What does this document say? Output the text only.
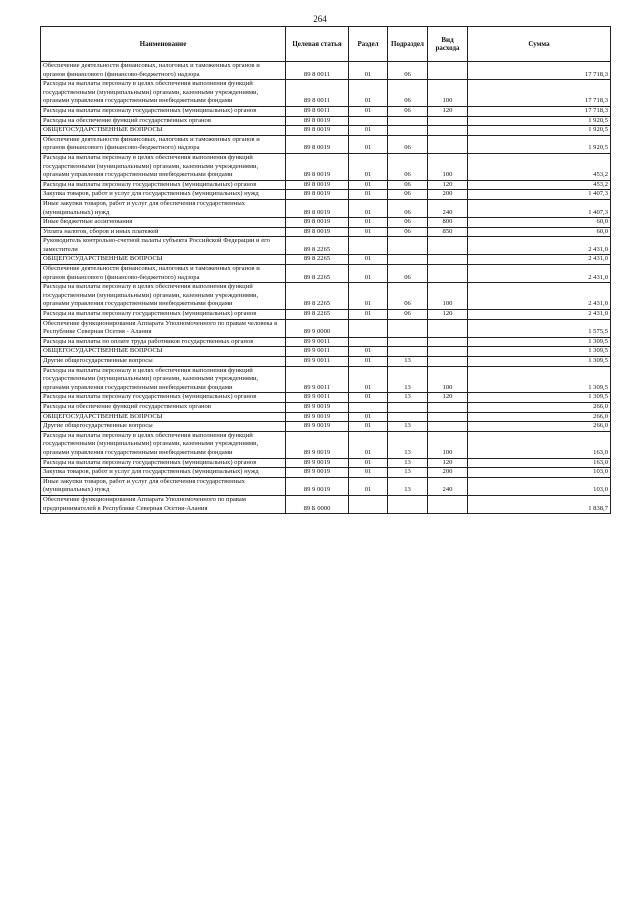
264
Наименование	Целевая статья	Раздел	Подраздел	Вид расхода	Сумма
Обеспечение деятельности финансовых, налоговых и таможенных органов и органов финансового (финансово-бюджетного) надзора	89 8 0011	01	06		17 718,3
Расходы на выплаты персоналу в целях обеспечения выполнения функций государственными (муниципальными) органами, казенными учреждениями, органами управления государственными внебюджетными фондами	89 8 0011	01	06	100	17 718,3
Расходы на выплаты персоналу государственных (муниципальных) органов	89 8 0011	01	06	120	17 718,3
Расходы на обеспечение функций государственных органов	89 8 0019				1 920,5
ОБЩЕГОСУДАРСТВЕННЫЕ ВОПРОСЫ	89 8 0019	01			1 920,5
Обеспечение деятельности финансовых, налоговых и таможенных органов и органов финансового (финансово-бюджетного) надзора	89 8 0019	01	06		1 920,5
Расходы на выплаты персоналу в целях обеспечения выполнения функций государственными (муниципальными) органами, казенными учреждениями, органами управления государственными внебюджетными фондами	89 8 0019	01	06	100	453,2
Расходы на выплаты персоналу государственных (муниципальных) органов	89 8 0019	01	06	120	453,2
Закупка товаров, работ и услуг для государственных (муниципальных) нужд	89 8 0019	01	06	200	1 407,3
Иные закупки товаров, работ и услуг для обеспечения государственных (муниципальных) нужд	89 8 0019	01	06	240	1 407,3
Иные бюджетные ассигнования	89 8 0019	01	06	800	60,0
Уплата налогов, сборов и иных платежей	89 8 0019	01	06	850	60,0
Руководитель контрольно-счетной палаты субъекта Российской Федерации и его заместители	89 8 2265				2 431,0
ОБЩЕГОСУДАРСТВЕННЫЕ ВОПРОСЫ	89 8 2265	01			2 431,0
Обеспечение деятельности финансовых, налоговых и таможенных органов и органов финансового (финансово-бюджетного) надзора	89 8 2265	01	06		2 431,0
Расходы на выплаты персоналу в целях обеспечения выполнения функций государственными (муниципальными) органами, казенными учреждениями, органами управления государственными внебюджетными фондами	89 8 2265	01	06	100	2 431,0
Расходы на выплаты персоналу государственных (муниципальных) органов	89 8 2265	01	06	120	2 431,0
Обеспечение функционирования Аппарата Уполномоченного по правам человека в Республике Северная Осетия - Алания	89 9 0000				1 575,5
Расходы на выплаты по оплате труда работников государственных органов	89 9 0011				1 309,5
ОБЩЕГОСУДАРСТВЕННЫЕ ВОПРОСЫ	89 9 0011	01			1 309,5
Другие общегосударственные вопросы	89 9 0011	01	13		1 309,5
Расходы на выплаты персоналу в целях обеспечения выполнения функций государственными (муниципальными) органами, казенными учреждениями, органами управления государственными внебюджетными фондами	89 9 0011	01	13	100	1 309,5
Расходы на выплаты персоналу государственных (муниципальных) органов	89 9 0011	01	13	120	1 309,5
Расходы на обеспечение функций государственных органов	89 9 0019				266,0
ОБЩЕГОСУДАРСТВЕННЫЕ ВОПРОСЫ	89 9 0019	01			266,0
Другие общегосударственные вопросы	89 9 0019	01	13		266,0
Расходы на выплаты персоналу в целях обеспечения выполнения функций государственными (муниципальными) органами, казенными учреждениями, органами управления государственными внебюджетными фондами	89 9 0019	01	13	100	163,0
Расходы на выплаты персоналу государственных (муниципальных) органов	89 9 0019	01	13	120	163,0
Закупка товаров, работ и услуг для государственных (муниципальных) нужд	89 9 0019	01	13	200	103,0
Иные закупки товаров, работ и услуг для обеспечения государственных (муниципальных) нужд	89 9 0019	01	13	240	103,0
Обеспечение функционирования Аппарата Уполномоченного по правам предпринимателей в Республике Северная Осетия-Алания	89 Б 0000				1 838,7
